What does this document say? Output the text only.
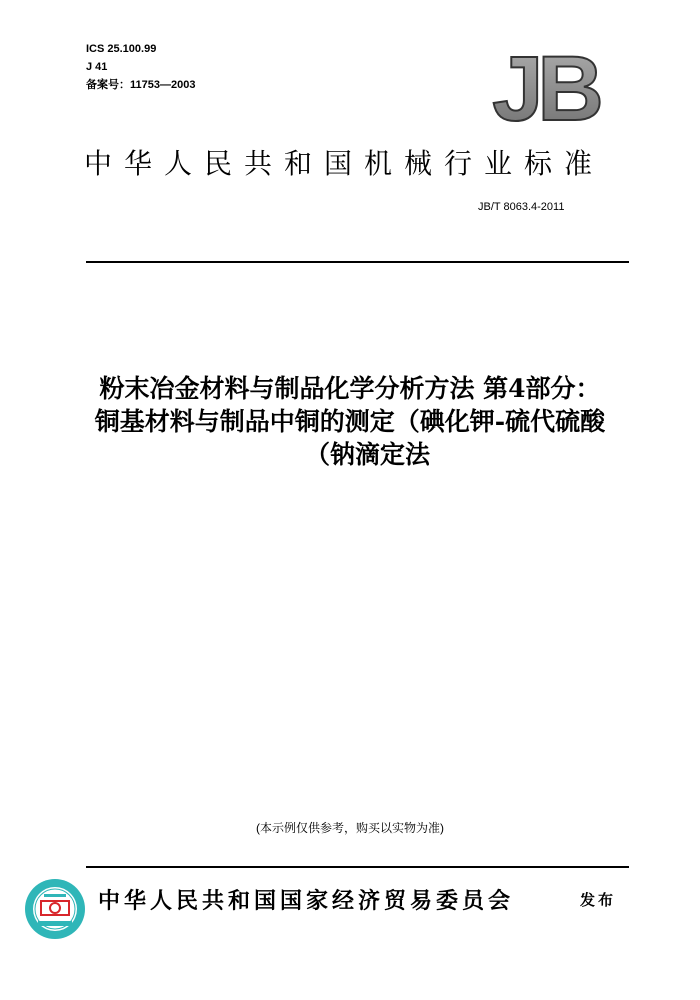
ICS 25.100.99
J 41
备案号：11753—2003	JB
中华人民共和国机械行业标准
JB/T 8063.4-2011
粉末冶金材料与制品化学分析方法 第4部分：
铜基材料与制品中铜的测定（碘化钾-硫代硫酸
（钠滴定法
(本示例仅供参考，购买以实物为准)
中华人民共和国国家经济贸易委员会	发布
